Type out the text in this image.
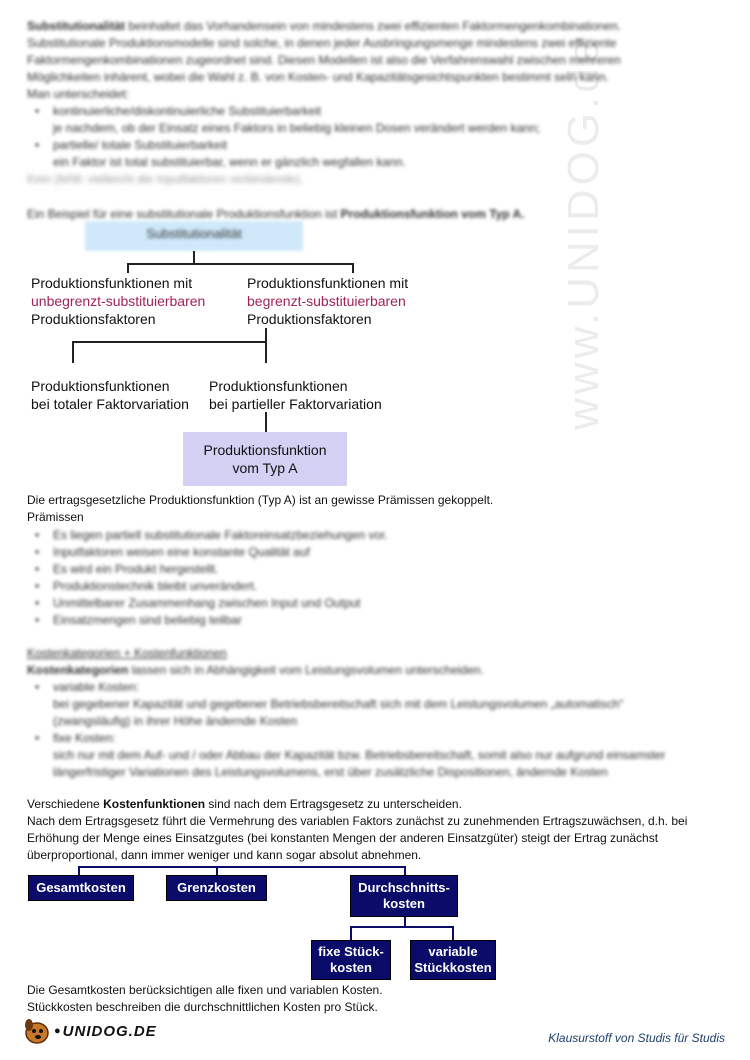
www.UNIDOG.de
Substitutionalität beinhaltet das Vorhandensein von mindestens zwei effizienten Faktormengenkombinationen.
Substitutionale Produktionsmodelle sind solche, in denen jeder Ausbringungsmenge mindestens zwei effiziente
Faktormengenkombinationen zugeordnet sind. Diesen Modellen ist also die Verfahrenswahl zwischen mehreren
Möglichkeiten inhärent, wobei die Wahl z. B. von Kosten- und Kapazitätsgesichtspunkten bestimmt sein kann.
Man unterscheidet:
• kontinuierliche/diskontinuierliche Substituierbarkeit
je nachdem, ob der Einsatz eines Faktors in beliebig kleinen Dosen verändert werden kann;
• partielle/ totale Substituierbarkeit
ein Faktor ist total substituierbar, wenn er gänzlich wegfallen kann.
Kein (fehlt: vielleicht die Inputfaktoren verbindende).
Ein Beispiel für eine substitutionale Produktionsfunktion ist Produktionsfunktion vom Typ A.
Substitutionalität
Produktionsfunktionen mit
unbegrenzt-substituierbaren
Produktionsfaktoren
Produktionsfunktionen mit
begrenzt-substituierbaren
Produktionsfaktoren
Produktionsfunktionen
bei totaler Faktorvariation
Produktionsfunktionen
bei partieller Faktorvariation
Produktionsfunktion
vom Typ A
Die ertragsgesetzliche Produktionsfunktion (Typ A) ist an gewisse Prämissen gekoppelt.
Prämissen
• Es liegen partiell substitutionale Faktoreinsatzbeziehungen vor.
• Inputfaktoren weisen eine konstante Qualität auf
• Es wird ein Produkt hergestellt.
• Produktionstechnik bleibt unverändert.
• Unmittelbarer Zusammenhang zwischen Input und Output
• Einsatzmengen sind beliebig teilbar
Kostenkategorien + Kostenfunktionen
Kostenkategorien lassen sich in Abhängigkeit vom Leistungsvolumen unterscheiden.
• variable Kosten:
bei gegebener Kapazität und gegebener Betriebsbereitschaft sich mit dem Leistungsvolumen „automatisch“
(zwangsläufig) in ihrer Höhe ändernde Kosten
• fixe Kosten:
sich nur mit dem Auf- und / oder Abbau der Kapazität bzw. Betriebsbereitschaft, somit also nur aufgrund einsamster
längerfristiger Variationen des Leistungsvolumens, erst über zusätzliche Dispositionen, ändernde Kosten
Verschiedene Kostenfunktionen sind nach dem Ertragsgesetz zu unterscheiden.
Nach dem Ertragsgesetz führt die Vermehrung des variablen Faktors zunächst zu zunehmenden Ertragszuwächsen, d.h. bei
Erhöhung der Menge eines Einsatzgutes (bei konstanten Mengen der anderen Einsatzgüter) steigt der Ertrag zunächst
überproportional, dann immer weniger und kann sogar absolut abnehmen.
Gesamtkosten	Grenzkosten	Durchschnitts-
kosten
fixe Stück-
kosten
variable
Stückkosten
Die Gesamtkosten berücksichtigen alle fixen und variablen Kosten.
Stückkosten beschreiben die durchschnittlichen Kosten pro Stück.
● UNIDOG.DE	Klausurstoff von Studis für Studis
